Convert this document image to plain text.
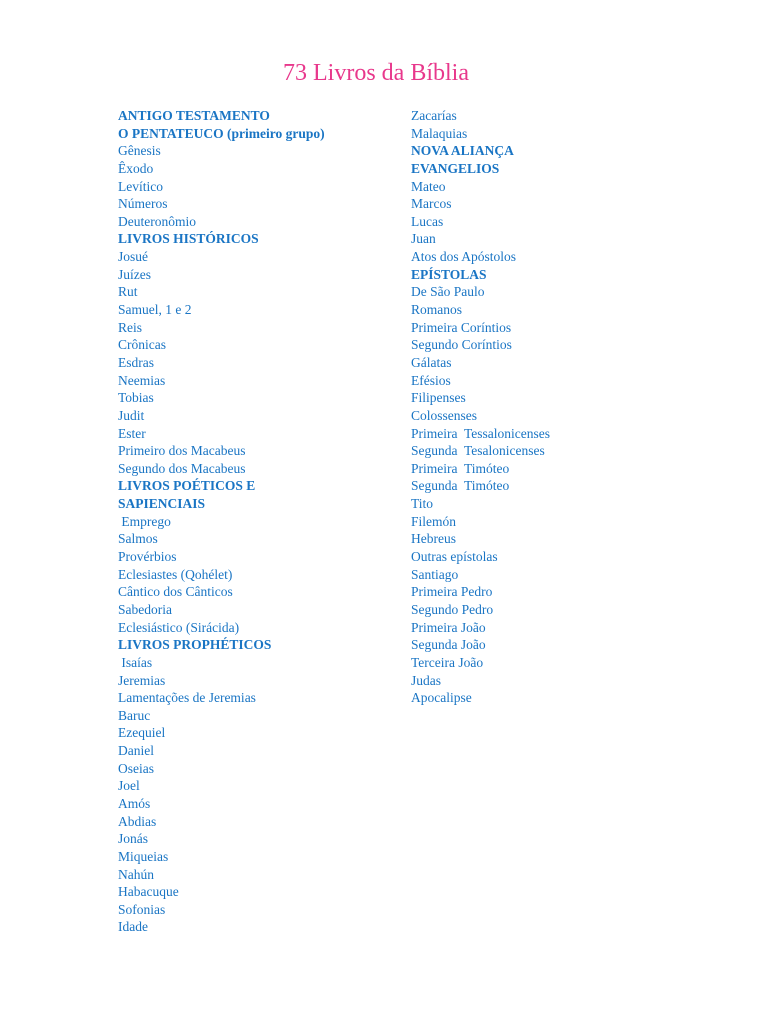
73 Livros da Bíblia
ANTIGO TESTAMENTO
O PENTATEUCO (primeiro grupo)
Gênesis
Êxodo
Levítico
Números
Deuteronômio
LIVROS HISTÓRICOS
Josué
Juízes
Rut
Samuel, 1 e 2
Reis
Crônicas
Esdras
Neemias
Tobias
Judit
Ester
Primeiro dos Macabeus
Segundo dos Macabeus
LIVROS POÉTICOS E
SAPIENCIAIS
Emprego
Salmos
Provérbios
Eclesiastes (Qohélet)
Cântico dos Cânticos
Sabedoria
Eclesiástico (Sirácida)
LIVROS PROPHÉTICOS
Isaías
Jeremias
Lamentações de Jeremias
Baruc
Ezequiel
Daniel
Oseias
Joel
Amós
Abdias
Jonás
Miqueias
Nahún
Habacuque
Sofonias
Idade
Zacarías
Malaquias
NOVA ALIANÇA
EVANGELIOS
Mateo
Marcos
Lucas
Juan
Atos dos Apóstolos
EPÍSTOLAS
De São Paulo
Romanos
Primeira Coríntios
Segundo Coríntios
Gálatas
Efésios
Filipenses
Colossenses
Primeira  Tessalonicenses
Segunda  Tesalonicenses
Primeira  Timóteo
Segunda  Timóteo
Tito
Filemón
Hebreus
Outras epístolas
Santiago
Primeira Pedro
Segundo Pedro
Primeira João
Segunda João
Terceira João
Judas
Apocalipse
